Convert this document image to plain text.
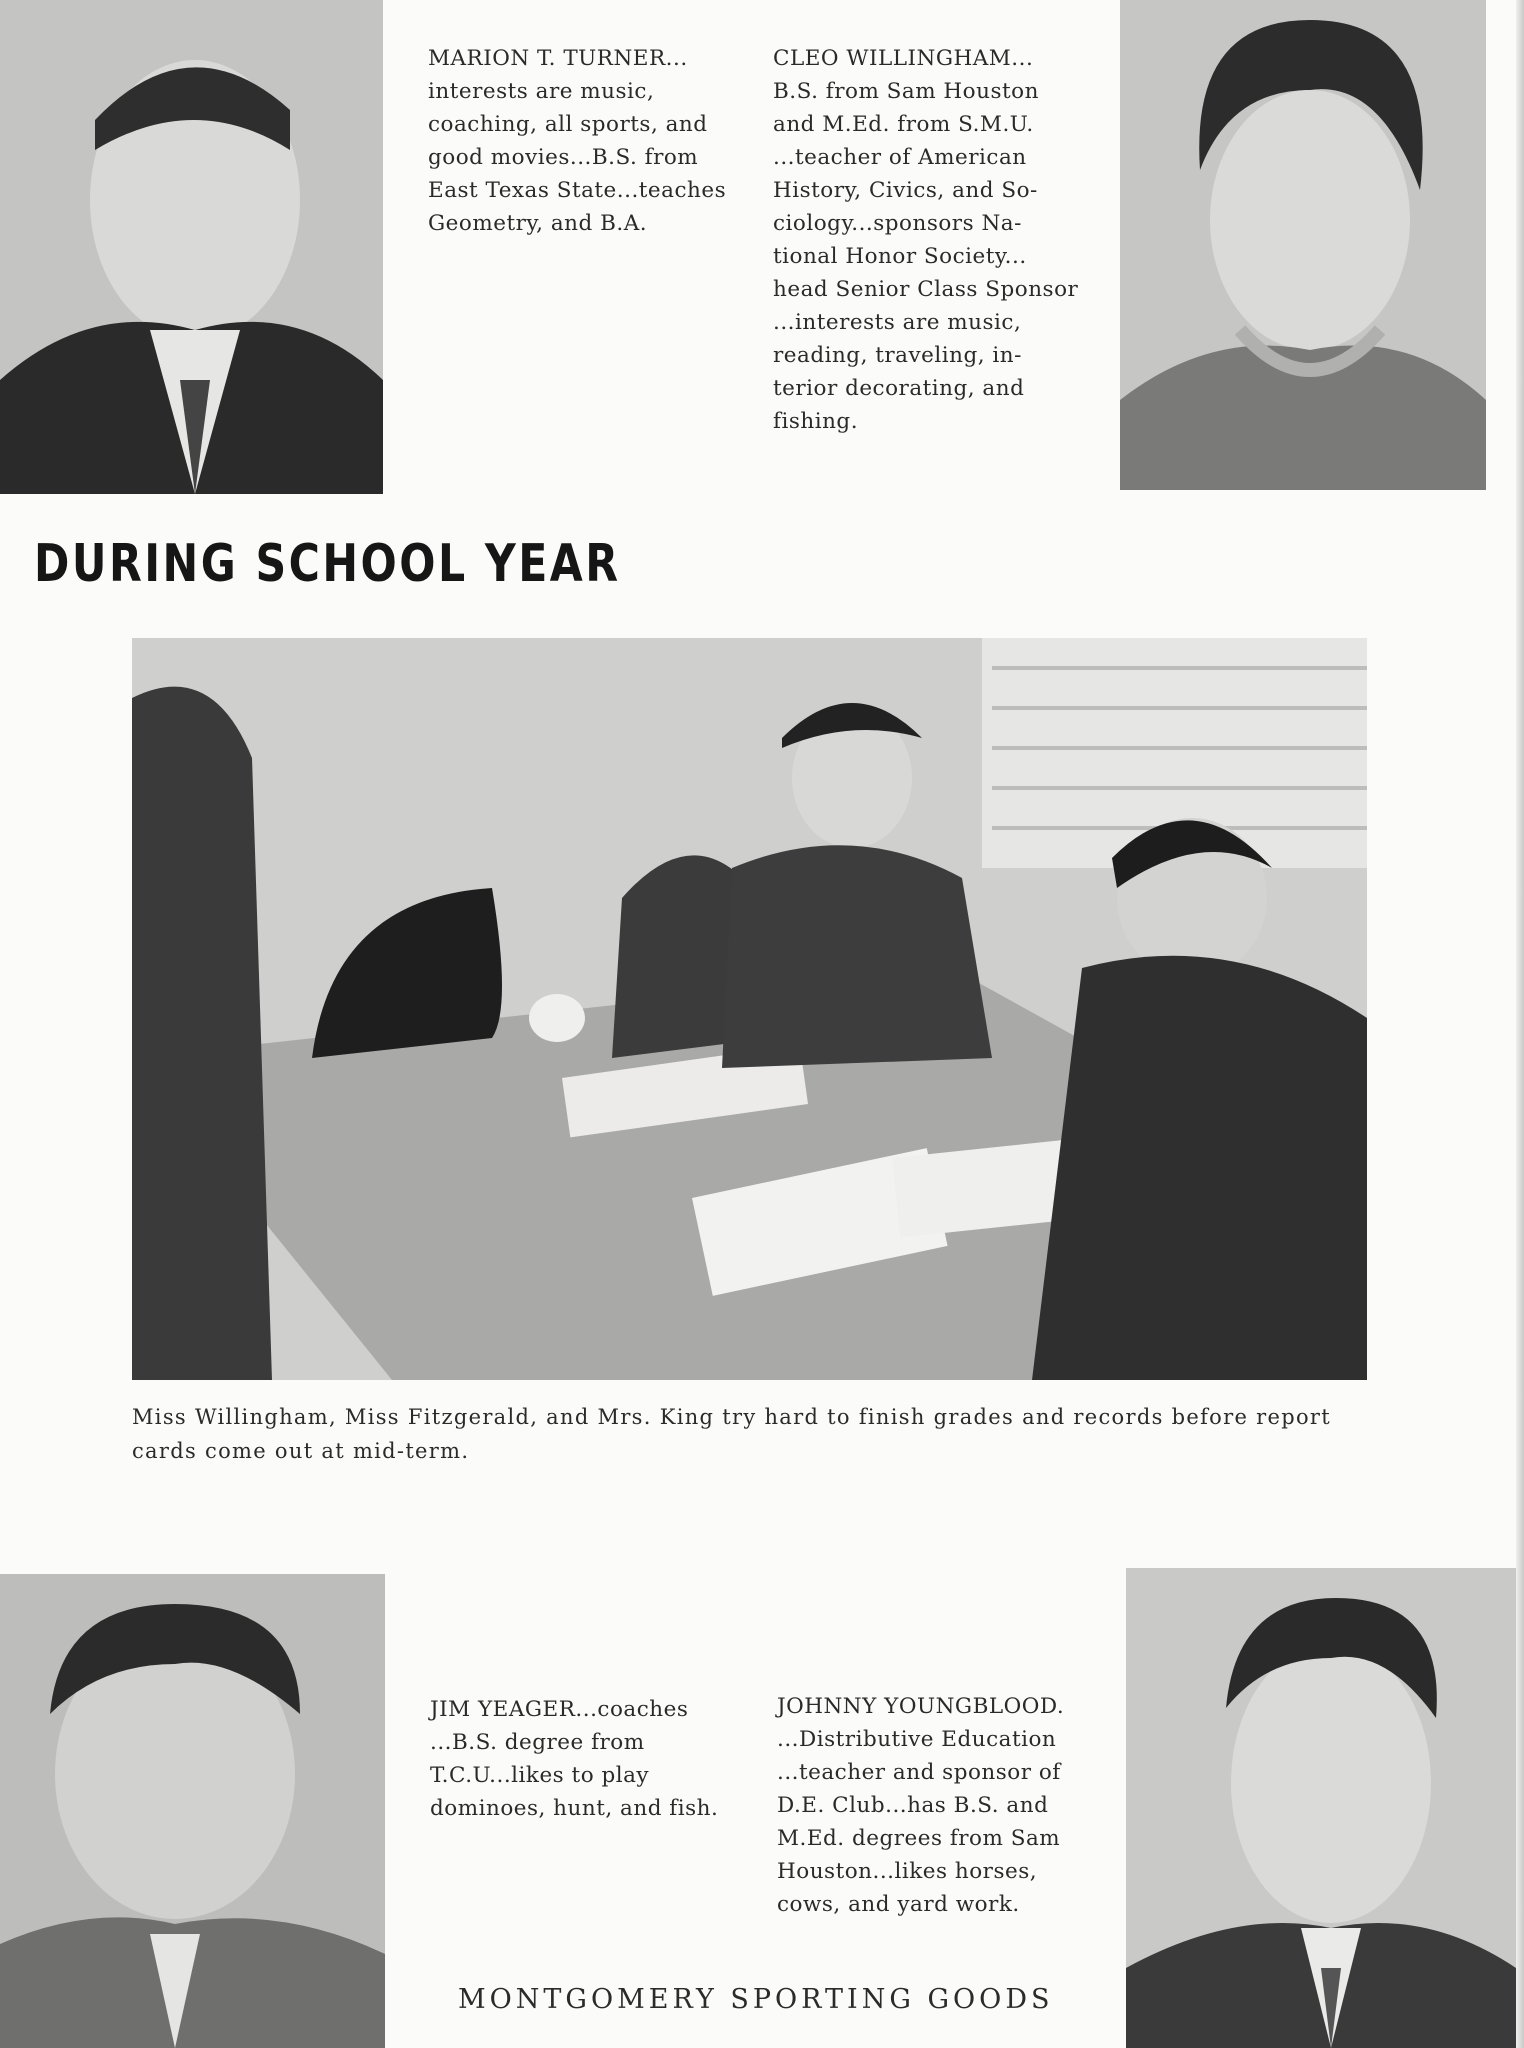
MARION T. TURNER...
interests are music,
coaching, all sports, and
good movies...B.S. from
East Texas State...teaches
Geometry, and B.A.
CLEO WILLINGHAM...
B.S. from Sam Houston
and M.Ed. from S.M.U.
...teacher of American
History, Civics, and So-
ciology...sponsors Na-
tional Honor Society...
head Senior Class Sponsor
...interests are music,
reading, traveling, in-
terior decorating, and
fishing.
DURING SCHOOL YEAR
Miss Willingham, Miss Fitzgerald, and Mrs. King try hard to finish grades and records before report cards come out at mid-term.
JIM YEAGER...coaches
...B.S. degree from
T.C.U...likes to play
dominoes, hunt, and fish.
JOHNNY YOUNGBLOOD.
...Distributive Education
...teacher and sponsor of
D.E. Club...has B.S. and
M.Ed. degrees from Sam
Houston...likes horses,
cows, and yard work.
MONTGOMERY SPORTING GOODS
